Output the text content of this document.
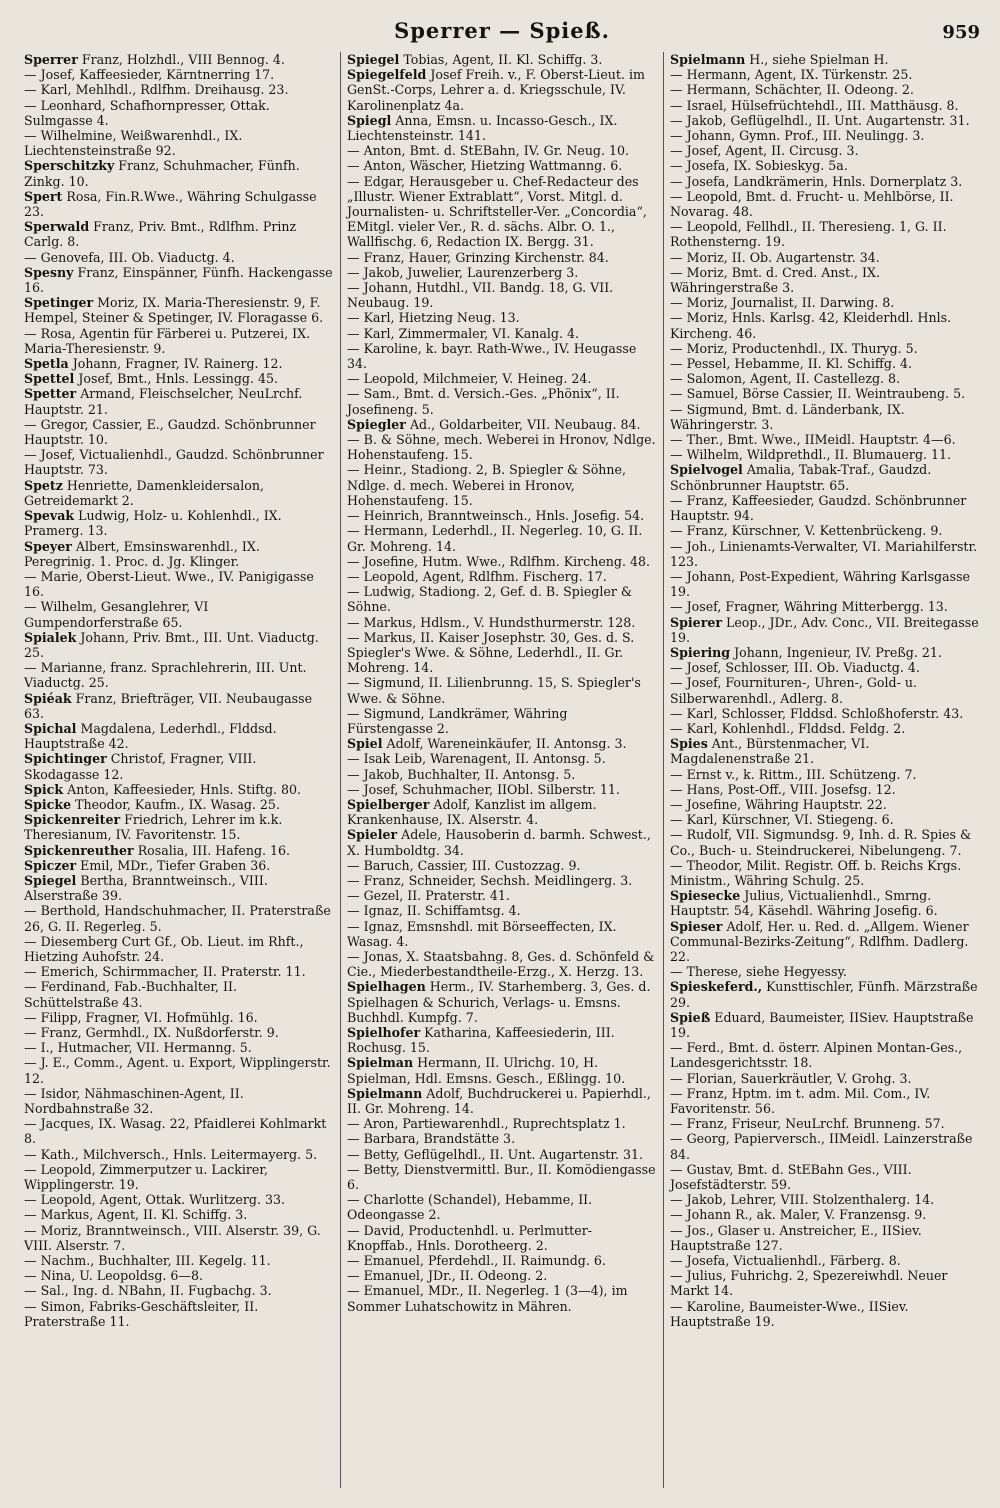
Sperrer — Spieß.	959

Sperrer Franz, Holzhdl., VIII Bennog. 4.

— Josef, Kaffeesieder, Kärntnerring 17.

— Karl, Mehlhdl., Rdlfhm. Dreihausg. 23.

— Leonhard, Schafhornpresser, Ottak. Sulmgasse 4.

— Wilhelmine, Weißwarenhdl., IX. Liechtensteinstraße 92.

Sperschitzky Franz, Schuhmacher, Fünfh. Zinkg. 10.

Spert Rosa, Fin.R.Wwe., Währing Schulgasse 23.

Sperwald Franz, Priv. Bmt., Rdlfhm. Prinz Carlg. 8.

— Genovefa, III. Ob. Viaductg. 4.

Spesny Franz, Einspänner, Fünfh. Hackengasse 16.

Spetinger Moriz, IX. Maria-Theresienstr. 9, F. Hempel, Steiner & Spetinger, IV. Floragasse 6.

— Rosa, Agentin für Färberei u. Putzerei, IX. Maria-Theresienstr. 9.

Spetla Johann, Fragner, IV. Rainerg. 12.

Spettel Josef, Bmt., Hnls. Lessingg. 45.

Spetter Armand, Fleischselcher, NeuLrchf. Hauptstr. 21.

— Gregor, Cassier, E., Gaudzd. Schönbrunner Hauptstr. 10.

— Josef, Victualienhdl., Gaudzd. Schönbrunner Hauptstr. 73.

Spetz Henriette, Damenkleidersalon, Getreidemarkt 2.

Spevak Ludwig, Holz- u. Kohlenhdl., IX. Pramerg. 13.

Speyer Albert, Emsinswarenhdl., IX. Peregrinig. 1. Proc. d. Jg. Klinger.

— Marie, Oberst-Lieut. Wwe., IV. Panigigasse 16.

— Wilhelm, Gesanglehrer, VI Gumpendorferstraße 65.

Spialek Johann, Priv. Bmt., III. Unt. Viaductg. 25.

— Marianne, franz. Sprachlehrerin, III. Unt. Viaductg. 25.

Spiéak Franz, Briefträger, VII. Neubaugasse 63.

Spichal Magdalena, Lederhdl., Flddsd. Hauptstraße 42.

Spichtinger Christof, Fragner, VIII. Skodagasse 12.

Spick Anton, Kaffeesieder, Hnls. Stiftg. 80.

Spicke Theodor, Kaufm., IX. Wasag. 25.

Spickenreiter Friedrich, Lehrer im k.k. Theresianum, IV. Favoritenstr. 15.

Spickenreuther Rosalia, III. Hafeng. 16.

Spiczer Emil, MDr., Tiefer Graben 36.

Spiegel Bertha, Branntweinsch., VIII. Alserstraße 39.

— Berthold, Handschuhmacher, II. Praterstraße 26, G. II. Regerleg. 5.

— Diesemberg Curt Gf., Ob. Lieut. im Rhft., Hietzing Auhofstr. 24.

— Emerich, Schirmmacher, II. Praterstr. 11.

— Ferdinand, Fab.-Buchhalter, II. Schüttelstraße 43.

— Filipp, Fragner, VI. Hofmühlg. 16.

— Franz, Germhdl., IX. Nußdorferstr. 9.

— I., Hutmacher, VII. Hermanng. 5.

— J. E., Comm., Agent. u. Export, Wipplingerstr. 12.

— Isidor, Nähmaschinen-Agent, II. Nordbahnstraße 32.

— Jacques, IX. Wasag. 22, Pfaidlerei Kohlmarkt 8.

— Kath., Milchversch., Hnls. Leitermayerg. 5.

— Leopold, Zimmerputzer u. Lackirer, Wipplingerstr. 19.

— Leopold, Agent, Ottak. Wurlitzerg. 33.

— Markus, Agent, II. Kl. Schiffg. 3.

— Moriz, Branntweinsch., VIII. Alserstr. 39, G. VIII. Alserstr. 7.

— Nachm., Buchhalter, III. Kegelg. 11.

— Nina, U. Leopoldsg. 6—8.

— Sal., Ing. d. NBahn, II. Fugbachg. 3.

— Simon, Fabriks-Geschäftsleiter, II. Praterstraße 11.

Spiegel Tobias, Agent, II. Kl. Schiffg. 3.

Spiegelfeld Josef Freih. v., F. Oberst-Lieut. im GenSt.-Corps, Lehrer a. d. Kriegsschule, IV. Karolinenplatz 4a.

Spiegl Anna, Emsn. u. Incasso-Gesch., IX. Liechtensteinstr. 141.

— Anton, Bmt. d. StEBahn, IV. Gr. Neug. 10.

— Anton, Wäscher, Hietzing Wattmanng. 6.

— Edgar, Herausgeber u. Chef-Redacteur des „Illustr. Wiener Extrablatt“, Vorst. Mitgl. d. Journalisten- u. Schriftsteller-Ver. „Concordia“, EMitgl. vieler Ver., R. d. sächs. Albr. O. 1., Wallfischg. 6, Redaction IX. Bergg. 31.

— Franz, Hauer, Grinzing Kirchenstr. 84.

— Jakob, Juwelier, Laurenzerberg 3.

— Johann, Hutdhl., VII. Bandg. 18, G. VII. Neubaug. 19.

— Karl, Hietzing Neug. 13.

— Karl, Zimmermaler, VI. Kanalg. 4.

— Karoline, k. bayr. Rath-Wwe., IV. Heugasse 34.

— Leopold, Milchmeier, V. Heineg. 24.

— Sam., Bmt. d. Versich.-Ges. „Phönix“, II. Josefineng. 5.

Spiegler Ad., Goldarbeiter, VII. Neubaug. 84.

— B. & Söhne, mech. Weberei in Hronov, Ndlge. Hohenstaufeng. 15.

— Heinr., Stadiong. 2, B. Spiegler & Söhne, Ndlge. d. mech. Weberei in Hronov, Hohenstaufeng. 15.

— Heinrich, Branntweinsch., Hnls. Josefig. 54.

— Hermann, Lederhdl., II. Negerleg. 10, G. II. Gr. Mohreng. 14.

— Josefine, Hutm. Wwe., Rdlfhm. Kircheng. 48.

— Leopold, Agent, Rdlfhm. Fischerg. 17.

— Ludwig, Stadiong. 2, Gef. d. B. Spiegler & Söhne.

— Markus, Hdlsm., V. Hundsthurmerstr. 128.

— Markus, II. Kaiser Josephstr. 30, Ges. d. S. Spiegler's Wwe. & Söhne, Lederhdl., II. Gr. Mohreng. 14.

— Sigmund, II. Lilienbrunng. 15, S. Spiegler's Wwe. & Söhne.

— Sigmund, Landkrämer, Währing Fürstengasse 2.

Spiel Adolf, Wareneinkäufer, II. Antonsg. 3.

— Isak Leib, Warenagent, II. Antonsg. 5.

— Jakob, Buchhalter, II. Antonsg. 5.

— Josef, Schuhmacher, IIObl. Silberstr. 11.

Spielberger Adolf, Kanzlist im allgem. Krankenhause, IX. Alserstr. 4.

Spieler Adele, Hausoberin d. barmh. Schwest., X. Humboldtg. 34.

— Baruch, Cassier, III. Custozzag. 9.

— Franz, Schneider, Sechsh. Meidlingerg. 3.

— Gezel, II. Praterstr. 41.

— Ignaz, II. Schiffamtsg. 4.

— Ignaz, Emsnshdl. mit Börseeffecten, IX. Wasag. 4.

— Jonas, X. Staatsbahng. 8, Ges. d. Schönfeld & Cie., Miederbestandtheile-Erzg., X. Herzg. 13.

Spielhagen Herm., IV. Starhemberg. 3, Ges. d. Spielhagen & Schurich, Verlags- u. Emsns. Buchhdl. Kumpfg. 7.

Spielhofer Katharina, Kaffeesiederin, III. Rochusg. 15.

Spielman Hermann, II. Ulrichg. 10, H. Spielman, Hdl. Emsns. Gesch., Eßlingg. 10.

Spielmann Adolf, Buchdruckerei u. Papierhdl., II. Gr. Mohreng. 14.

— Aron, Partiewarenhdl., Ruprechtsplatz 1.

— Barbara, Brandstätte 3.

— Betty, Geflügelhdl., II. Unt. Augartenstr. 31.

— Betty, Dienstvermittl. Bur., II. Komödiengasse 6.

— Charlotte (Schandel), Hebamme, II. Odeongasse 2.

— David, Productenhdl. u. Perlmutter-Knopffab., Hnls. Dorotheerg. 2.

— Emanuel, Pferdehdl., II. Raimundg. 6.

— Emanuel, JDr., II. Odeong. 2.

— Emanuel, MDr., II. Negerleg. 1 (3—4), im Sommer Luhatschowitz in Mähren.

Spielmann H., siehe Spielman H.

— Hermann, Agent, IX. Türkenstr. 25.

— Hermann, Schächter, II. Odeong. 2.

— Israel, Hülsefrüchtehdl., III. Matthäusg. 8.

— Jakob, Geflügelhdl., II. Unt. Augartenstr. 31.

— Johann, Gymn. Prof., III. Neulingg. 3.

— Josef, Agent, II. Circusg. 3.

— Josefa, IX. Sobieskyg. 5a.

— Josefa, Landkrämerin, Hnls. Dornerplatz 3.

— Leopold, Bmt. d. Frucht- u. Mehlbörse, II. Novarag. 48.

— Leopold, Fellhdl., II. Theresieng. 1, G. II. Rothensterng. 19.

— Moriz, II. Ob. Augartenstr. 34.

— Moriz, Bmt. d. Cred. Anst., IX. Währingerstraße 3.

— Moriz, Journalist, II. Darwing. 8.

— Moriz, Hnls. Karlsg. 42, Kleiderhdl. Hnls. Kircheng. 46.

— Moriz, Productenhdl., IX. Thuryg. 5.

— Pessel, Hebamme, II. Kl. Schiffg. 4.

— Salomon, Agent, II. Castellezg. 8.

— Samuel, Börse Cassier, II. Weintraubeng. 5.

— Sigmund, Bmt. d. Länderbank, IX. Währingerstr. 3.

— Ther., Bmt. Wwe., IIMeidl. Hauptstr. 4—6.

— Wilhelm, Wildprethdl., II. Blumauerg. 11.

Spielvogel Amalia, Tabak-Traf., Gaudzd. Schönbrunner Hauptstr. 65.

— Franz, Kaffeesieder, Gaudzd. Schönbrunner Hauptstr. 94.

— Franz, Kürschner, V. Kettenbrückeng. 9.

— Joh., Linienamts-Verwalter, VI. Mariahilferstr. 123.

— Johann, Post-Expedient, Währing Karlsgasse 19.

— Josef, Fragner, Währing Mitterbergg. 13.

Spierer Leop., JDr., Adv. Conc., VII. Breitegasse 19.

Spiering Johann, Ingenieur, IV. Preßg. 21.

— Josef, Schlosser, III. Ob. Viaductg. 4.

— Josef, Fournituren-, Uhren-, Gold- u. Silberwarenhdl., Adlerg. 8.

— Karl, Schlosser, Flddsd. Schloßhoferstr. 43.

— Karl, Kohlenhdl., Flddsd. Feldg. 2.

Spies Ant., Bürstenmacher, VI. Magdalenenstraße 21.

— Ernst v., k. Rittm., III. Schützeng. 7.

— Hans, Post-Off., VIII. Josefsg. 12.

— Josefine, Währing Hauptstr. 22.

— Karl, Kürschner, VI. Stiegeng. 6.

— Rudolf, VII. Sigmundsg. 9, Inh. d. R. Spies & Co., Buch- u. Steindruckerei, Nibelungeng. 7.

— Theodor, Milit. Registr. Off. b. Reichs Krgs. Ministm., Währing Schulg. 25.

Spiesecke Julius, Victualienhdl., Smrng. Hauptstr. 54, Käsehdl. Währing Josefig. 6.

Spieser Adolf, Her. u. Red. d. „Allgem. Wiener Communal-Bezirks-Zeitung“, Rdlfhm. Dadlerg. 22.

— Therese, siehe Hegyessy.

Spieskeferd., Kunsttischler, Fünfh. Märzstraße 29.

Spieß Eduard, Baumeister, IISiev. Hauptstraße 19.

— Ferd., Bmt. d. österr. Alpinen Montan-Ges., Landesgerichtsstr. 18.

— Florian, Sauerkräutler, V. Grohg. 3.

— Franz, Hptm. im t. adm. Mil. Com., IV. Favoritenstr. 56.

— Franz, Friseur, NeuLrchf. Brunneng. 57.

— Georg, Papierversch., IIMeidl. Lainzerstraße 84.

— Gustav, Bmt. d. StEBahn Ges., VIII. Josefstädterstr. 59.

— Jakob, Lehrer, VIII. Stolzenthalerg. 14.

— Johann R., ak. Maler, V. Franzensg. 9.

— Jos., Glaser u. Anstreicher, E., IISiev. Hauptstraße 127.

— Josefa, Victualienhdl., Färberg. 8.

— Julius, Fuhrichg. 2, Spezereiwhdl. Neuer Markt 14.

— Karoline, Baumeister-Wwe., IISiev. Hauptstraße 19.
